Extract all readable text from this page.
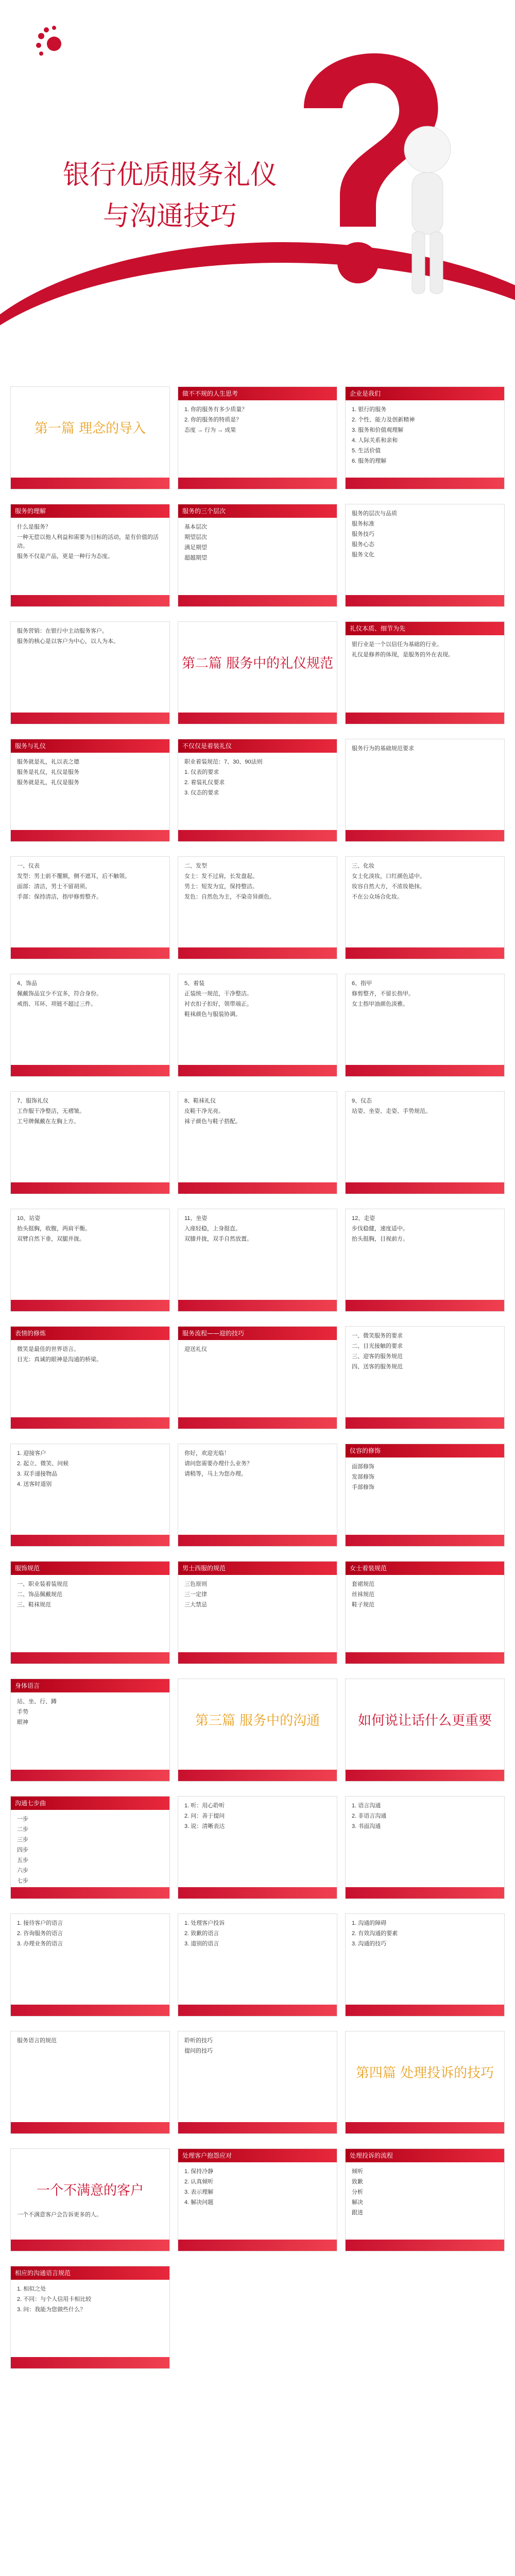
银行优质服务礼仪
与沟通技巧
第一篇 理念的导入
做不不规的人生思考
1. 你的服务有多少质量？
2. 你的服务的特质是？
态度 → 行为 → 成果
企业是我们
1. 银行的服务
2. 个性、能力及创新精神
3. 服务和价值观理解
4. 人际关系和亲和
5. 生活价值
6. 服务的理解
服务的理解
什么是服务？
一种无偿以他人利益和需要为目标的活动，是有价值的活动。
服务不仅是产品，更是一种行为态度。
服务的三个层次
基本层次
期望层次
满足期望
超越期望
服务的层次与品质
服务标准
服务技巧
服务心态
服务文化
服务营销：在银行中主动服务客户。
服务的核心是以客户为中心，以人为本。
第二篇 服务中的礼仪规范
礼仪本质、细节为先
银行业是一个以信任为基础的行业。
礼仪是修养的体现，是服务的外在表现。
服务与礼仪
服务就是礼，礼以表之德
服务是礼仪，礼仪是服务
服务就是礼，礼仪是服务
不仅仅是着装礼仪
职业着装规范：7、30、90法则
1. 仪表的要求
2. 着装礼仪要求
3. 仪态的要求
服务行为的基础规范要求
一、仪表
发型：男士前不覆额，侧不遮耳，后不触领。
面部：清洁，男士不留胡须。
手部：保持清洁，指甲修剪整齐。
二、发型
女士：发不过肩，长发盘起。
男士：短发为宜，保持整洁。
发色：自然色为主，不染奇异颜色。
三、化妆
女士化淡妆，口红颜色适中。
妆容自然大方，不浓妆艳抹。
不在公众场合化妆。
4、饰品
佩戴饰品宜少不宜多，符合身份。
戒指、耳环、项链不超过三件。
5、着装
正装统一规范，干净整洁。
衬衣扣子扣好，领带端正。
鞋袜颜色与服装协调。
6、指甲
修剪整齐，不留长指甲。
女士指甲油颜色淡雅。
7、服饰礼仪
工作服干净整洁，无褶皱。
工号牌佩戴在左胸上方。
8、鞋袜礼仪
皮鞋干净光亮。
袜子颜色与鞋子搭配。
9、仪态
站姿、坐姿、走姿、手势规范。
10、站姿
抬头挺胸，收腹，两肩平衡。
双臂自然下垂，双腿并拢。
11、坐姿
入座轻稳，上身挺直。
双膝并拢，双手自然放置。
12、走姿
步伐稳健，速度适中。
抬头挺胸，目视前方。
表情的修炼
微笑是最佳的世界语言。
目光：真诚的眼神是沟通的桥梁。
服务流程——迎的技巧
迎送礼仪
一、微笑服务的要求
二、目光接触的要求
三、迎客的服务规范
四、送客的服务规范
1. 迎接客户
2. 起立、微笑、问候
3. 双手递接物品
4. 送客时道别
你好，欢迎光临！
请问您需要办理什么业务？
请稍等，马上为您办理。
仪容的修饰
面部修饰
发部修饰
手部修饰
服饰规范
一、职业装着装规范
二、饰品佩戴规范
三、鞋袜规范
男士西服的规范
三色原则
三一定律
三大禁忌
女士着装规范
套裙规范
丝袜规范
鞋子规范
身体语言
站、坐、行、蹲
手势
眼神	第三篇 服务中的沟通	如何说让话什么更重要
沟通七步曲
一步
二步
三步
四步
五步
六步
七步
1. 听：用心聆听
2. 问：善于提问
3. 说：清晰表达
1. 语言沟通
2. 非语言沟通
3. 书面沟通
1. 接待客户的语言
2. 咨询服务的语言
3. 办理业务的语言
1. 处理客户投诉
2. 致歉的语言
3. 道别的语言
1. 沟通的障碍
2. 有效沟通的要素
3. 沟通的技巧
服务语言的规范	聆听的技巧
提问的技巧
第四篇 处理投诉的技巧
一个不满意的客户
一个不满意客户会告诉更多的人。
处理客户抱怨应对
1. 保持冷静
2. 认真倾听
3. 表示理解
4. 解决问题
处理投诉的流程
倾听
致歉
分析
解决
跟进
相应的沟通语言规范
1. 相似之处
2. 不同：与个人信用卡相比较
3. 问：我能为您做些什么？
